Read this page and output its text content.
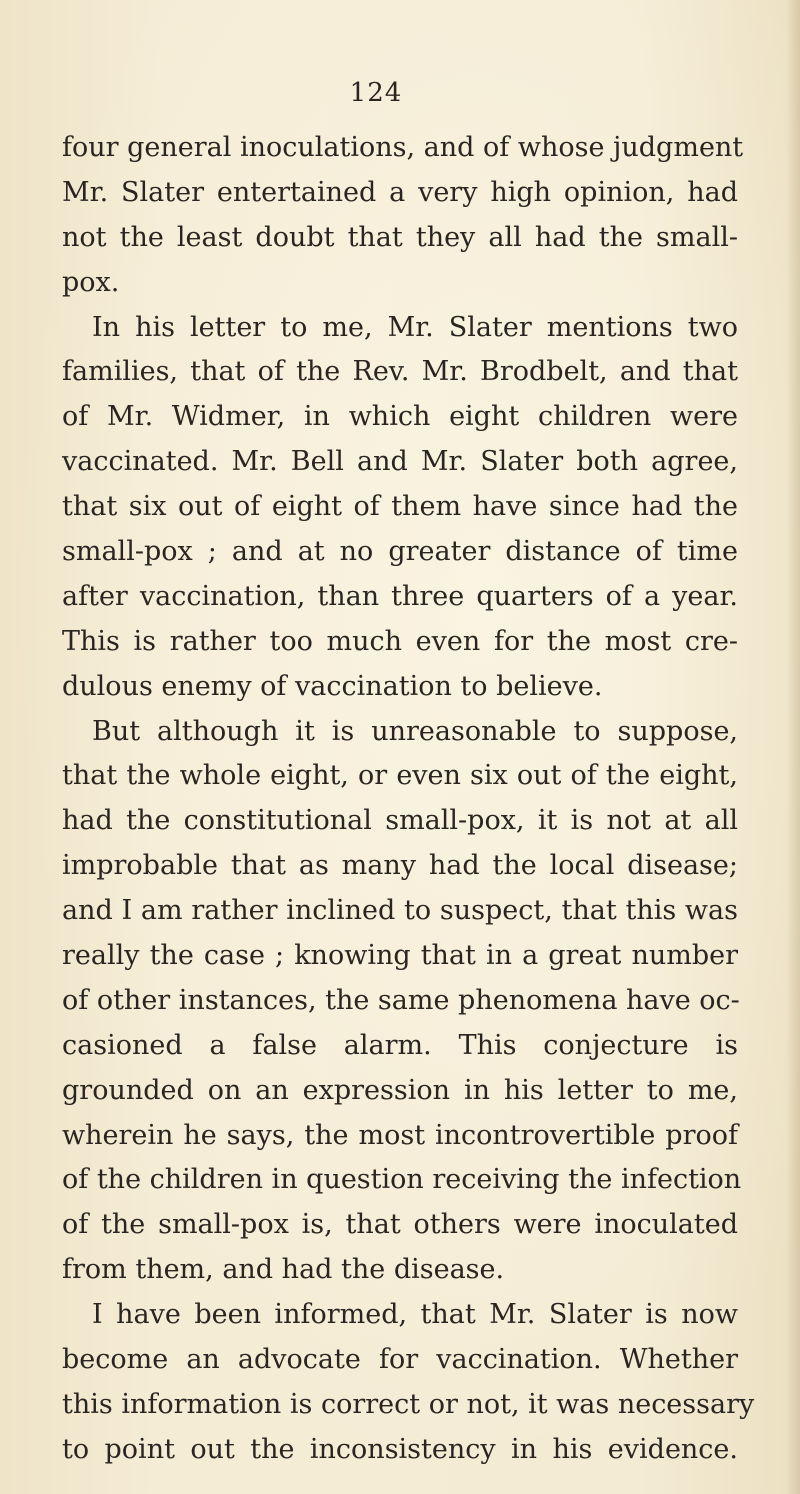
124
four general inoculations, and of whose judgment
Mr. Slater entertained a very high opinion, had
not the least doubt that they all had the small-
pox.
In his letter to me, Mr. Slater mentions two
families, that of the Rev. Mr. Brodbelt, and that
of Mr. Widmer, in which eight children were
vaccinated. Mr. Bell and Mr. Slater both agree,
that six out of eight of them have since had the
small-pox ; and at no greater distance of time
after vaccination, than three quarters of a year.
This is rather too much even for the most cre-
dulous enemy of vaccination to believe.
But although it is unreasonable to suppose,
that the whole eight, or even six out of the eight,
had the constitutional small-pox, it is not at all
improbable that as many had the local disease;
and I am rather inclined to suspect, that this was
really the case ; knowing that in a great number
of other instances, the same phenomena have oc-
casioned a false alarm. This conjecture is
grounded on an expression in his letter to me,
wherein he says, the most incontrovertible proof
of the children in question receiving the infection
of the small-pox is, that others were inoculated
from them, and had the disease.
I have been informed, that Mr. Slater is now
become an advocate for vaccination. Whether
this information is correct or not, it was necessary
to point out the inconsistency in his evidence.
